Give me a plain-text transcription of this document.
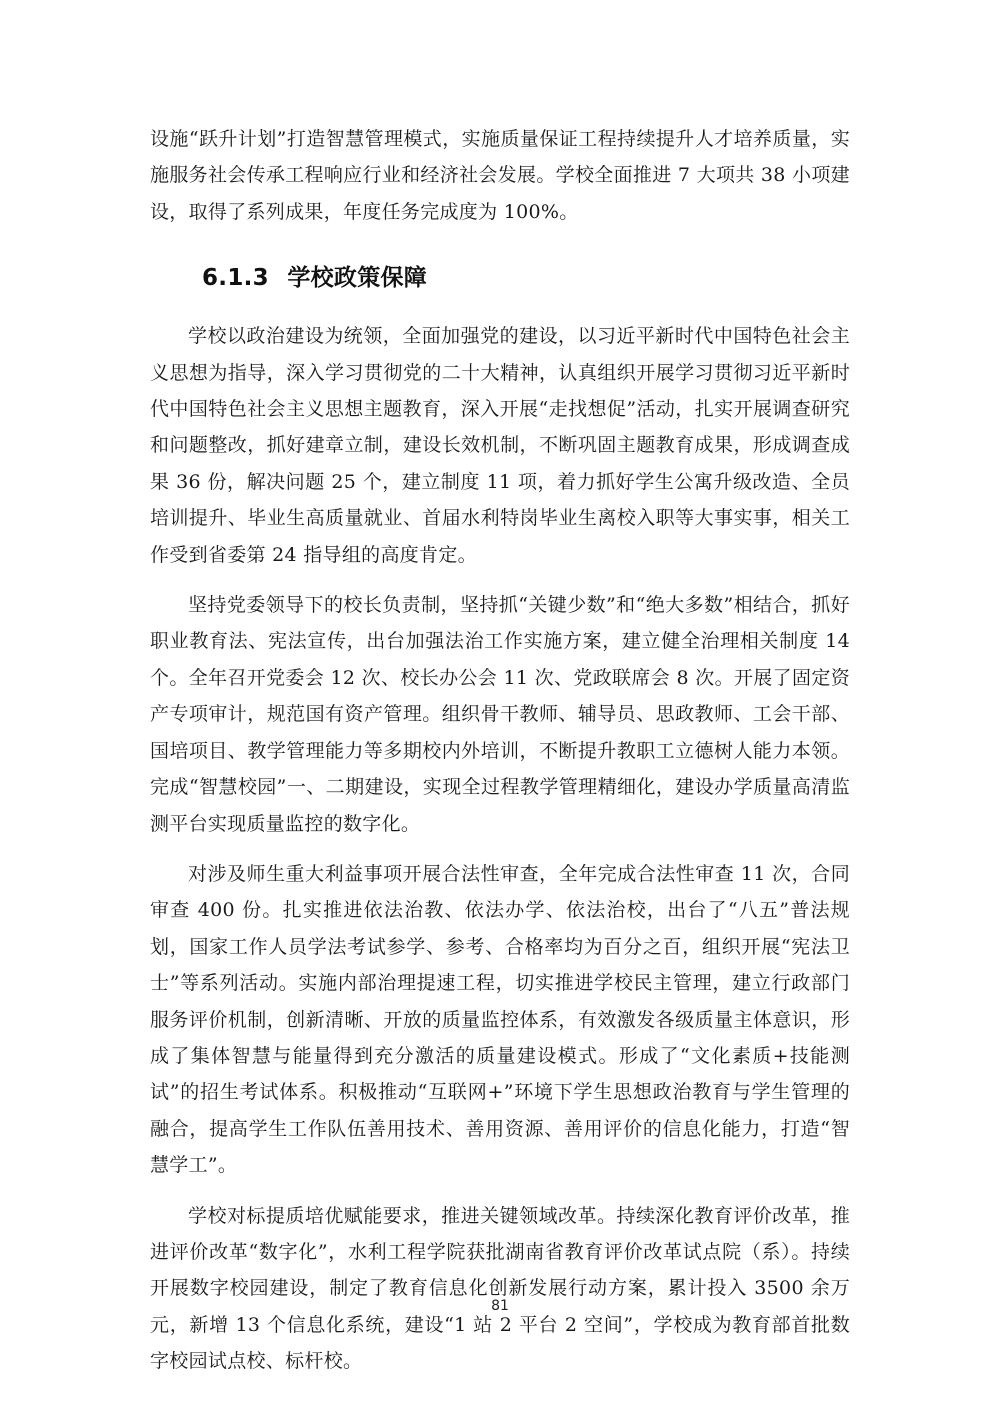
设施“跃升计划”打造智慧管理模式，实施质量保证工程持续提升人才培养质量，实施服务社会传承工程响应行业和经济社会发展。学校全面推进 7 大项共 38 小项建设，取得了系列成果，年度任务完成度为 100%。

6.1.3 学校政策保障

学校以政治建设为统领，全面加强党的建设，以习近平新时代中国特色社会主义思想为指导，深入学习贯彻党的二十大精神，认真组织开展学习贯彻习近平新时代中国特色社会主义思想主题教育，深入开展“走找想促”活动，扎实开展调查研究和问题整改，抓好建章立制，建设长效机制，不断巩固主题教育成果，形成调查成果 36 份，解决问题 25 个，建立制度 11 项，着力抓好学生公寓升级改造、全员培训提升、毕业生高质量就业、首届水利特岗毕业生离校入职等大事实事，相关工作受到省委第 24 指导组的高度肯定。

坚持党委领导下的校长负责制，坚持抓“关键少数”和“绝大多数”相结合，抓好职业教育法、宪法宣传，出台加强法治工作实施方案，建立健全治理相关制度 14 个。全年召开党委会 12 次、校长办公会 11 次、党政联席会 8 次。开展了固定资产专项审计，规范国有资产管理。组织骨干教师、辅导员、思政教师、工会干部、国培项目、教学管理能力等多期校内外培训，不断提升教职工立德树人能力本领。完成“智慧校园”一、二期建设，实现全过程教学管理精细化，建设办学质量高清监测平台实现质量监控的数字化。

对涉及师生重大利益事项开展合法性审查，全年完成合法性审查 11 次，合同审查 400 份。扎实推进依法治教、依法办学、依法治校，出台了“八五”普法规划，国家工作人员学法考试参学、参考、合格率均为百分之百，组织开展“宪法卫士”等系列活动。实施内部治理提速工程，切实推进学校民主管理，建立行政部门服务评价机制，创新清晰、开放的质量监控体系，有效激发各级质量主体意识，形成了集体智慧与能量得到充分激活的质量建设模式。形成了“文化素质+技能测试”的招生考试体系。积极推动“互联网+”环境下学生思想政治教育与学生管理的融合，提高学生工作队伍善用技术、善用资源、善用评价的信息化能力，打造“智慧学工”。

学校对标提质培优赋能要求，推进关键领域改革。持续深化教育评价改革，推进评价改革“数字化”，水利工程学院获批湖南省教育评价改革试点院（系）。持续开展数字校园建设，制定了教育信息化创新发展行动方案，累计投入 3500 余万元，新增 13 个信息化系统，建设“1 站 2 平台 2 空间”，学校成为教育部首批数字校园试点校、标杆校。

81
